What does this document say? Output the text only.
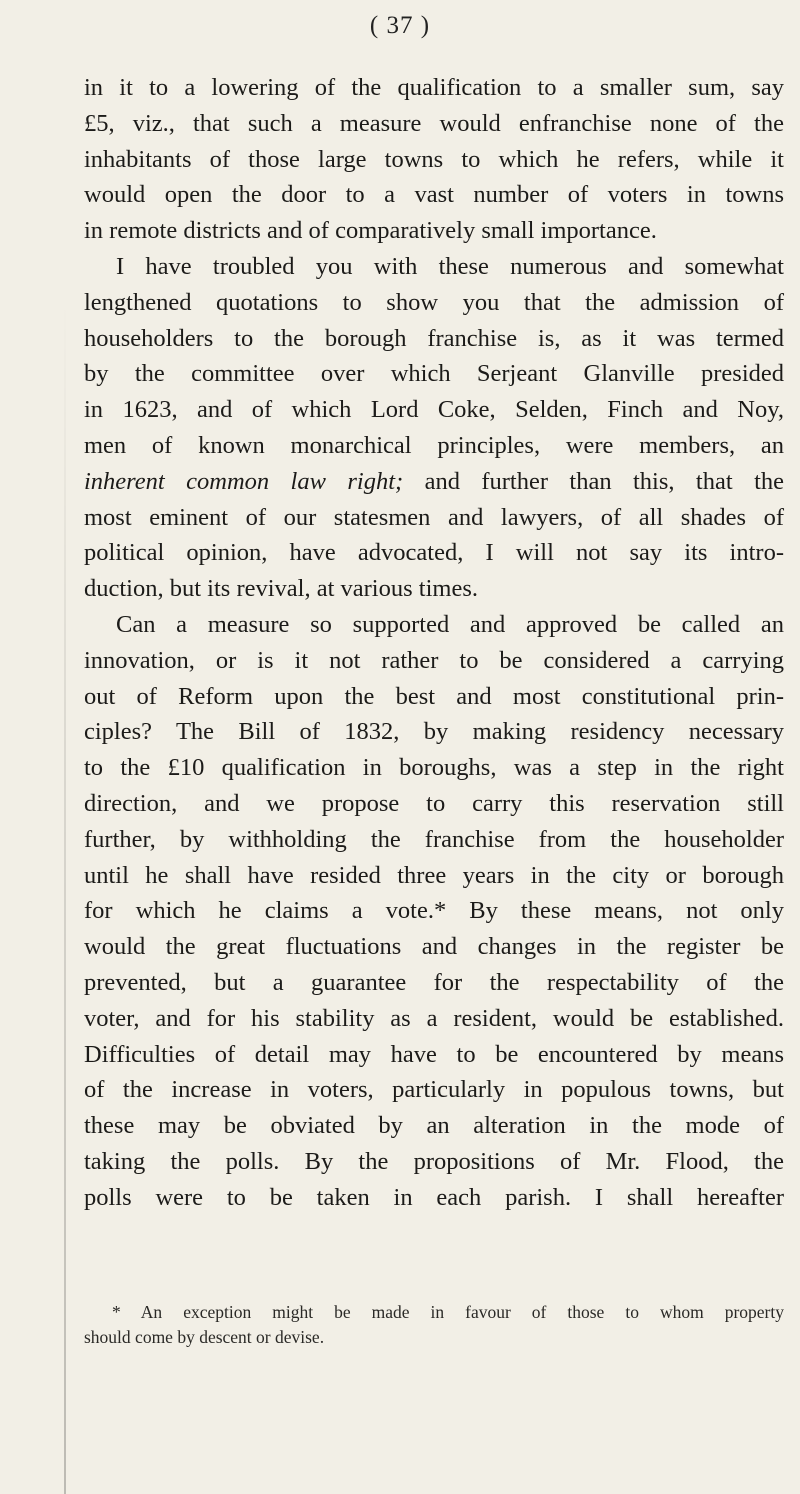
( 37 )
in it to a lowering of the qualification to a smaller sum, say
£5, viz., that such a measure would enfranchise none of the
inhabitants of those large towns to which he refers, while it
would open the door to a vast number of voters in towns
in remote districts and of comparatively small importance.
I have troubled you with these numerous and somewhat
lengthened quotations to show you that the admission of
householders to the borough franchise is, as it was termed
by the committee over which Serjeant Glanville presided
in 1623, and of which Lord Coke, Selden, Finch and Noy,
men of known monarchical principles, were members, an
inherent common law right; and further than this, that the
most eminent of our statesmen and lawyers, of all shades of
political opinion, have advocated, I will not say its intro-
duction, but its revival, at various times.
Can a measure so supported and approved be called an
innovation, or is it not rather to be considered a carrying
out of Reform upon the best and most constitutional prin-
ciples? The Bill of 1832, by making residency necessary
to the £10 qualification in boroughs, was a step in the right
direction, and we propose to carry this reservation still
further, by withholding the franchise from the householder
until he shall have resided three years in the city or borough
for which he claims a vote.* By these means, not only
would the great fluctuations and changes in the register be
prevented, but a guarantee for the respectability of the
voter, and for his stability as a resident, would be established.
Difficulties of detail may have to be encountered by means
of the increase in voters, particularly in populous towns, but
these may be obviated by an alteration in the mode of
taking the polls. By the propositions of Mr. Flood, the
polls were to be taken in each parish. I shall hereafter
* An exception might be made in favour of those to whom property
should come by descent or devise.
